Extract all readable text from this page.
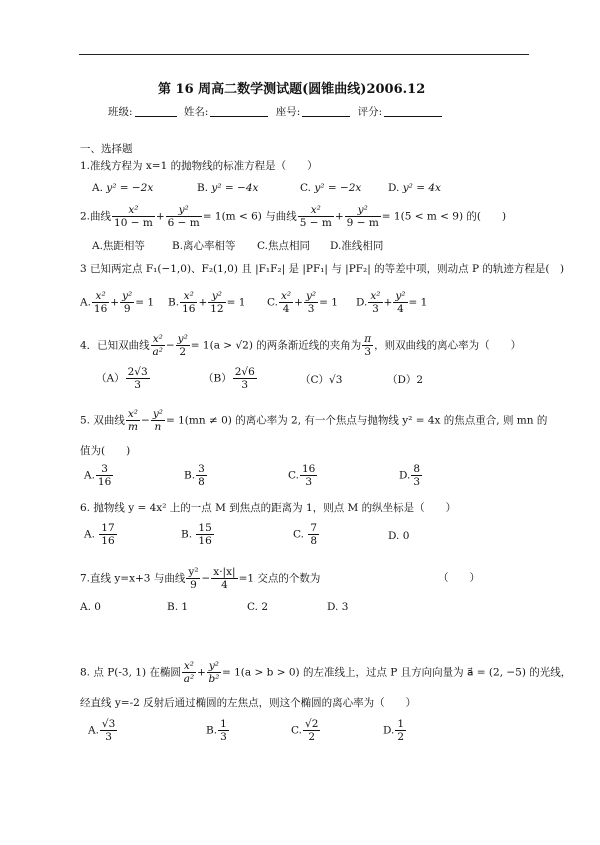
第 16 周高二数学测试题(圆锥曲线)2006.12
班级:	姓名:	座号:	评分:
一、选择题
1.准线方程为 x=1 的抛物线的标准方程是（　　）
A. y² = −2x	B. y² = −4x	C. y² = −2x	D. y² = 4x
2.曲线 $\frac{\text{x²}}{10 - m} + \frac{\text{y²}}{6 - m} = 1(m < 6)$ 与曲线 $\frac{\text{x²}}{5 - m} + \frac{\text{y²}}{9 - m} = 1(5 < m < 9)$ 的(　　)
A.焦距相等	B.离心率相等 C.焦点相同 D.准线相同
3 已知两定点 F₁(−1,0)、F₂(1,0) 且 |F₁F₂| 是 |PF₁| 与 |PF₂| 的等差中项，则动点 P 的轨迹方程是(　)
A. $\frac{\text{x²}}{16} + \frac{\text{y²}}{9} = 1$ B. $\frac{\text{x²}}{16} + \frac{\text{y²}}{12} = 1$ C. $\frac{\text{x²}}{4} + \frac{\text{y²}}{3} = 1$ D. $\frac{\text{x²}}{3} + \frac{\text{y²}}{4} = 1$
4．已知双曲线 $\frac{\text{x²}}{\text{a²}}- \frac{\text{y²}}{2} = 1(a > √2)$ 的两条渐近线的夹角为 $\frac{\pi}{3}$ ，则双曲线的离心率为（　　）
$(A) \frac{2√3}{3}$	$(B) \frac{2√6}{3}$	（C）√3	（D）2
5. 双曲线 $\frac{\text{x²}}{m}- \frac{\text{y²}}{n}= 1(mn \ne 0)$ 的离心率为 2, 有一个焦点与抛物线 y² = 4x 的焦点重合, 则 mn 的
值为(　　)
A. $\frac{3}{16}$	B. $\frac{3}{8}$	C. $\frac{16}{3}$	D. $\frac{8}{3}$
6. 抛物线 y = 4x² 上的一点 M 到焦点的距离为 1，则点 M 的纵坐标是（　　）
A. $\frac{17}{16}$	B. $\frac{15}{16}$	C. $\frac{7}{8}$	D. 0
7.直线 y=x+3 与曲线 $\frac{\text{y²}}{9} - \frac{x\cdot|x|}{4} =1$ 交点的个数为	（　　）
A. 0	B. 1	C. 2	D. 3
8. 点 P(-3, 1) 在椭圆 $\frac{\text{x²}}{\text{a²}}+ \frac{\text{y²}}{\text{b²}}= 1(a > b > 0)$ 的左准线上，过点 P 且方向向量为 a⃗ = (2, −5) 的光线，
经直线 y=-2 反射后通过椭圆的左焦点，则这个椭圆的离心率为（　　）
A. $\frac{√3}{3}$	B. $\frac{1}{3}$	C. $\frac{√2}{2}$	D. $\frac{1}{2}$
